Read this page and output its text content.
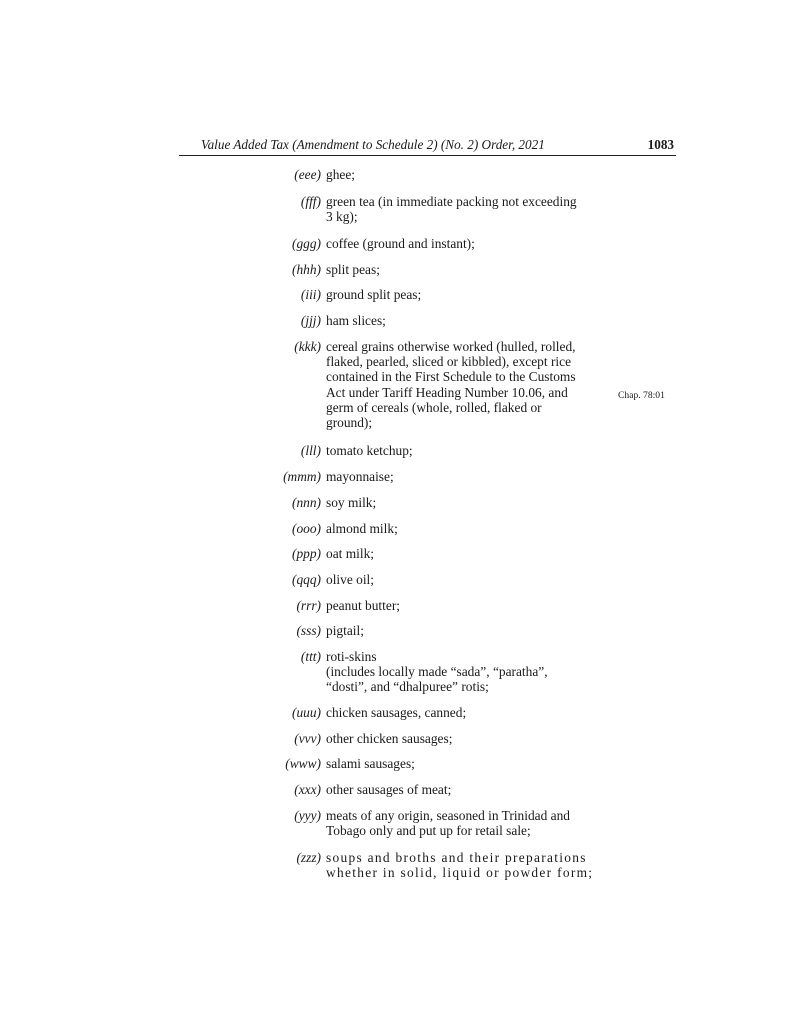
Value Added Tax (Amendment to Schedule 2) (No. 2) Order, 2021	1083
(eee) ghee;
(fff) green tea (in immediate packing not exceeding
3 kg);
(ggg) coffee (ground and instant);
(hhh) split peas;
(iii) ground split peas;
(jjj) ham slices;
(kkk) cereal grains otherwise worked (hulled, rolled,
flaked, pearled, sliced or kibbled), except rice
contained in the First Schedule to the Customs
Act under Tariff Heading Number 10.06, and
germ of cereals (whole, rolled, flaked or
ground);
(lll) tomato ketchup;
(mmm) mayonnaise;
(nnn) soy milk;
(ooo) almond milk;
(ppp) oat milk;
(qqq) olive oil;
(rrr) peanut butter;
(sss) pigtail;
(ttt) roti-skins
(includes locally made “sada”, “paratha”,
“dosti”, and “dhalpuree” rotis;
(uuu) chicken sausages, canned;
(vvv) other chicken sausages;
(www) salami sausages;
(xxx) other sausages of meat;
(yyy) meats of any origin, seasoned in Trinidad and
Tobago only and put up for retail sale;
(zzz) soups and broths and their preparations
whether in solid, liquid or powder form;
Chap. 78:01
